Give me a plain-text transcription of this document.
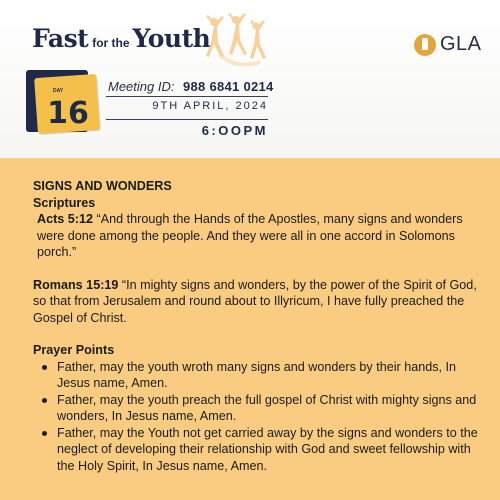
Fast for the Youth	GLA
DAY
16
Meeting ID: 988 6841 0214
9TH APRIL, 2024
6:OOPM

SIGNS AND WONDERS

Scriptures

Acts 5:12 “And through the Hands of the Apostles, many signs and wonders were done among the people. And they were all in one accord in Solomons porch.”

Romans 15:19 “In mighty signs and wonders, by the power of the Spirit of God, so that from Jerusalem and round about to Illyricum, I have fully preached the Gospel of Christ.

Prayer Points

Father, may the youth wroth many signs and wonders by their hands, In Jesus name, Amen.
Father, may the youth preach the full gospel of Christ with mighty signs and wonders, In Jesus name, Amen.
Father, may the Youth not get carried away by the signs and wonders to the neglect of developing their relationship with God and sweet fellowship with the Holy Spirit, In Jesus name, Amen.
